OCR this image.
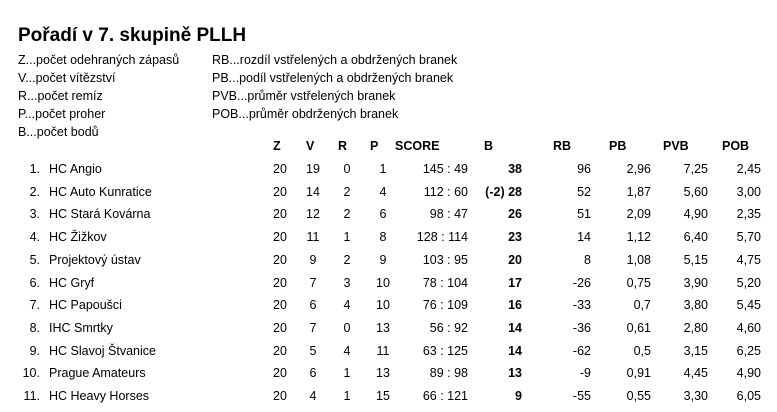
Pořadí v 7. skupině PLLH
Z...počet odehraných zápasů
V...počet vítězství
R...počet remíz
P...počet proher
B...počet bodů
RB...rozdíl vstřelených a obdržených branek
PB...podíl vstřelených a obdržených branek
PVB...průměr vstřelených branek
POB...průměr obdržených branek
Z V R P SCORE	B	RB	PB	PVB	POB
1. HC Angio	20	19	0	1	145 : 49	38	96	2,96	7,25	2,45
2. HC Auto Kunratice	20	14	2	4	112 : 60	(-2) 28	52	1,87	5,60	3,00
3. HC Stará Kovárna	20	12	2	6	98 : 47	26	51	2,09	4,90	2,35
4. HC Žižkov	20	11	1	8	128 : 114	23	14	1,12	6,40	5,70
5. Projektový ústav	20	9	2	9	103 : 95	20	8	1,08	5,15	4,75
6. HC Gryf	20	7	3	10	78 : 104	17	-26	0,75	3,90	5,20
7. HC Papoušci	20	6	4	10	76 : 109	16	-33	0,7	3,80	5,45
8. IHC Smrtky	20	7	0	13	56 : 92	14	-36	0,61	2,80	4,60
9. HC Slavoj Štvanice	20	5	4	11	63 : 125	14	-62	0,5	3,15	6,25
10. Prague Amateurs	20	6	1	13	89 : 98	13	-9	0,91	4,45	4,90
11. HC Heavy Horses	20	4	1	15	66 : 121	9	-55	0,55	3,30	6,05
